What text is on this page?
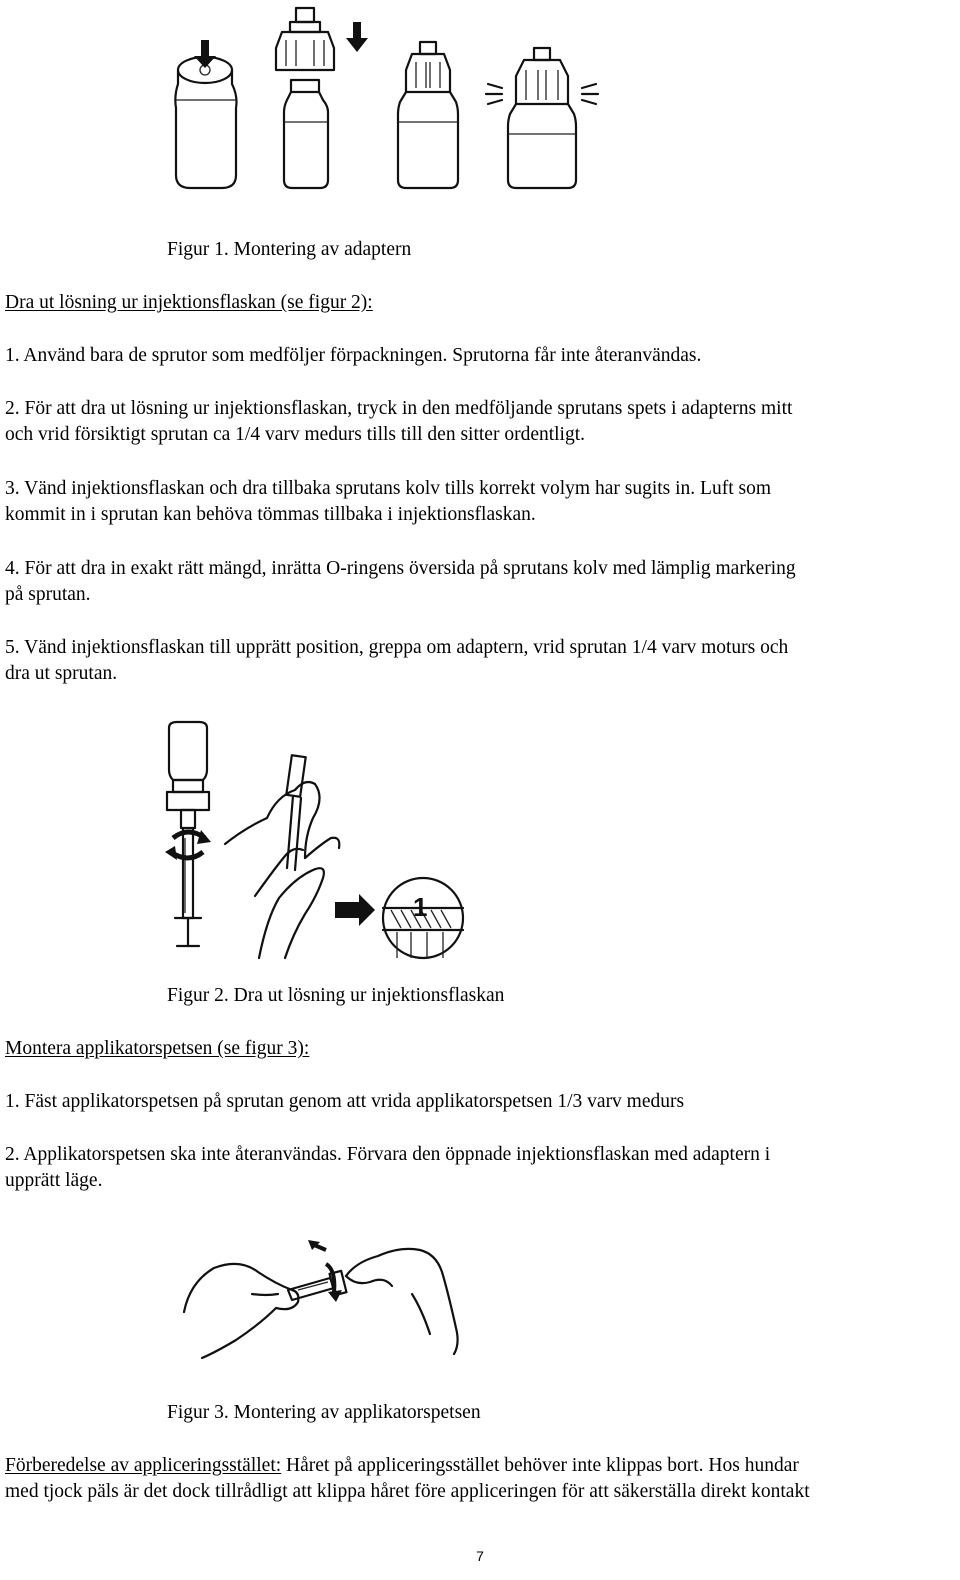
Figur 1. Montering av adaptern
Dra ut lösning ur injektionsflaskan (se figur 2):
1. Använd bara de sprutor som medföljer förpackningen. Sprutorna får inte återanvändas.
2. För att dra ut lösning ur injektionsflaskan, tryck in den medföljande sprutans spets i adapterns mitt
och vrid försiktigt sprutan ca 1/4 varv medurs tills till den sitter ordentligt.
3. Vänd injektionsflaskan och dra tillbaka sprutans kolv tills korrekt volym har sugits in. Luft som
kommit in i sprutan kan behöva tömmas tillbaka i injektionsflaskan.
4. För att dra in exakt rätt mängd, inrätta O-ringens översida på sprutans kolv med lämplig markering
på sprutan.
5. Vänd injektionsflaskan till upprätt position, greppa om adaptern, vrid sprutan 1/4 varv moturs och
dra ut sprutan.
1
Figur 2. Dra ut lösning ur injektionsflaskan
Montera applikatorspetsen (se figur 3):
1. Fäst applikatorspetsen på sprutan genom att vrida applikatorspetsen 1/3 varv medurs
2. Applikatorspetsen ska inte återanvändas. Förvara den öppnade injektionsflaskan med adaptern i
upprätt läge.
Figur 3. Montering av applikatorspetsen
Förberedelse av appliceringsstället: Håret på appliceringsstället behöver inte klippas bort. Hos hundar
med tjock päls är det dock tillrådligt att klippa håret före appliceringen för att säkerställa direkt kontakt
7
